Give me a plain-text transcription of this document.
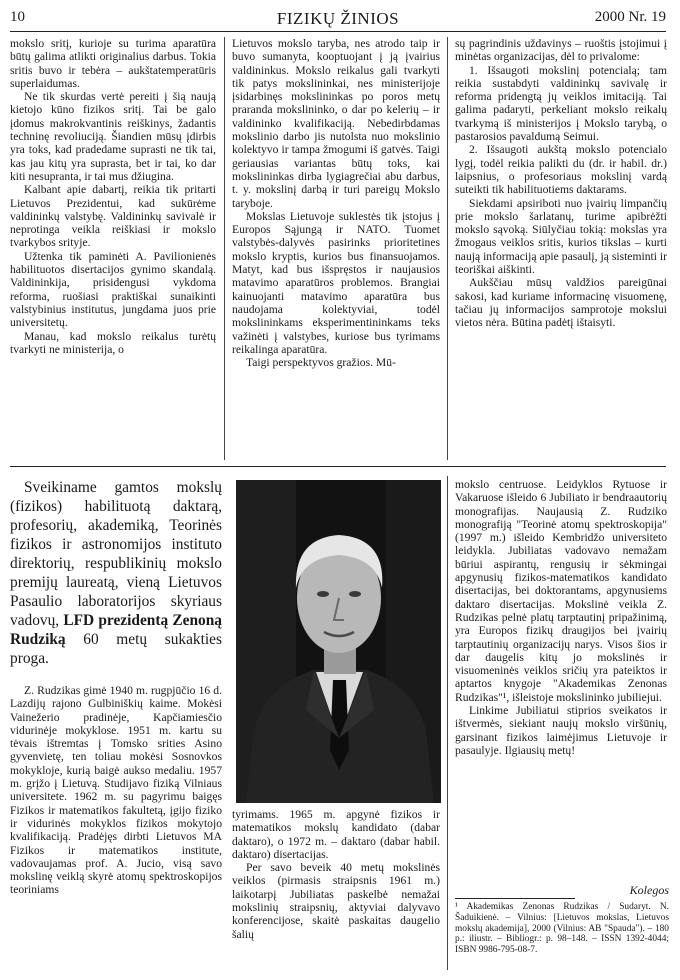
10	FIZIKŲ ŽINIOS	2000 Nr. 19

mokslo sritį, kurioje su turima aparatūra būtų galima atlikti originalius darbus. Tokia sritis buvo ir tebėra – aukštatemperatūris superlaidumas.

Ne tik skurdas vertė pereiti į šią naują kietojo kūno fizikos sritį. Tai be galo įdomus makrokvantinis reiškinys, žadantis techninę revoliuciją. Šiandien mūsų įdirbis yra toks, kad pradedame suprasti ne tik tai, kas jau kitų yra suprasta, bet ir tai, ko dar kiti nesupranta, ir tai mus džiugina.

Kalbant apie dabartį, reikia tik pritarti Lietuvos Prezidentui, kad sukūrėme valdininkų valstybę. Valdininkų savivalė ir neprotinga veikla reiškiasi ir mokslo tvarkybos srityje.

Užtenka tik paminėti A. Pavilionienės habilituotos disertacijos gynimo skandalą. Valdininkija, prisidengusi vykdoma reforma, ruošiasi praktiškai sunaikinti valstybinius institutus, jungdama juos prie universitetų.

Manau, kad mokslo reikalus turėtų tvarkyti ne ministerija, o

Lietuvos mokslo taryba, nes atrodo taip ir buvo sumanyta, kooptuojant į ją įvairius valdininkus. Mokslo reikalus gali tvarkyti tik patys mokslininkai, nes ministerijoje įsidarbinęs mokslininkas po poros metų praranda mokslininko, o dar po kelerių – ir valdininko kvalifikaciją. Nebedirbdamas mokslinio darbo jis nutolsta nuo mokslinio kolektyvo ir tampa žmogumi iš gatvės. Taigi geriausias variantas būtų toks, kai mokslininkas dirba lygiagrečiai abu darbus, t. y. mokslinį darbą ir turi pareigų Mokslo taryboje.

Mokslas Lietuvoje suklestės tik įstojus į Europos Sąjungą ir NATO. Tuomet valstybės-dalyvės pasirinks prioritetines mokslo kryptis, kurios bus finansuojamos. Matyt, kad bus išspręstos ir naujausios matavimo aparatūros problemos. Brangiai kainuojanti matavimo aparatūra bus naudojama kolektyviai, todėl mokslininkams eksperimentininkams teks važinėti į valstybes, kuriose bus tyrimams reikalinga aparatūra.

Taigi perspektyvos gražios. Mū-

sų pagrindinis uždavinys – ruoštis įstojimui į minėtas organizacijas, dėl to privalome:

1. Išsaugoti mokslinį potencialą; tam reikia sustabdyti valdininkų savivalę ir reforma pridengtą jų veiklos imitaciją. Tai galima padaryti, perkeliant mokslo reikalų tvarkymą iš ministerijos į Mokslo tarybą, o pastarosios pavaldumą Seimui.

2. Išsaugoti aukštą mokslo potencialo lygį, todėl reikia palikti du (dr. ir habil. dr.) laipsnius, o profesoriaus mokslinį vardą suteikti tik habilituotiems daktarams.

Siekdami apsiriboti nuo įvairių limpančių prie mokslo šarlatanų, turime apibrėžti mokslo sąvoką. Siūlyčiau tokią: mokslas yra žmogaus veiklos sritis, kurios tikslas – kurti naują informaciją apie pasaulį, ją sisteminti ir teoriškai aiškinti.

Aukščiau mūsų valdžios pareigūnai sakosi, kad kuriame informacinę visuomenę, tačiau jų informacijos samprotoje mokslui vietos nėra. Būtina padėtį ištaisyti.

Sveikiname gamtos mokslų (fizikos) habilituotą daktarą, profesorių, akademiką, Teorinės fizikos ir astronomijos instituto direktorių, respublikinių mokslo premijų laureatą, vieną Lietuvos Pasaulio laboratorijos skyriaus vadovų, LFD prezidentą Zenoną Rudziką 60 metų sukakties proga.

Z. Rudzikas gimė 1940 m. rugpjūčio 16 d. Lazdijų rajono Gulbiniškių kaime. Mokėsi Vainežerio pradinėje, Kapčiamiesčio vidurinėje mokyklose. 1951 m. kartu su tėvais ištremtas į Tomsko srities Asino gyvenvietę, ten toliau mokėsi Sosnovkos mokykloje, kurią baigė aukso medaliu. 1957 m. grįžo į Lietuvą. Studijavo fiziką Vilniaus universitete. 1962 m. su pagyrimu baigęs Fizikos ir matematikos fakultetą, įgijo fiziko ir vidurinės mokyklos fizikos mokytojo kvalifikaciją. Pradėjęs dirbti Lietuvos MA Fizikos ir matematikos institute, vadovaujamas prof. A. Jucio, visą savo mokslinę veiklą skyrė atomų spektroskopijos teoriniams

tyrimams. 1965 m. apgynė fizikos ir matematikos mokslų kandidato (dabar daktaro), o 1972 m. – daktaro (dabar habil. daktaro) disertacijas.

Per savo beveik 40 metų mokslinės veiklos (pirmasis straipsnis 1961 m.) laikotarpį Jubiliatas paskelbė nemažai mokslinių straipsnių, aktyviai dalyvavo konferencijose, skaitė paskaitas daugelio šalių

mokslo centruose. Leidyklos Rytuose ir Vakaruose išleido 6 Jubiliato ir bendraautorių monografijas. Naujausią Z. Rudziko monografiją "Teorinė atomų spektroskopija" (1997 m.) išleido Kembridžo universiteto leidykla. Jubiliatas vadovavo nemažam būriui aspirantų, rengusių ir sėkmingai apgynusių fizikos-matematikos kandidato disertacijas, bei doktorantams, apgynusiems daktaro disertacijas. Mokslinė veikla Z. Rudzikas pelnė platų tarptautinį pripažinimą, yra Europos fizikų draugijos bei įvairių tarptautinių organizacijų narys. Visos šios ir dar daugelis kitų jo mokslinės ir visuomeninės veiklos sričių yra pateiktos ir aptartos knygoje "Akademikas Zenonas Rudzikas"¹, išleistoje mokslininko jubiliejui.

Linkime Jubiliatui stiprios sveikatos ir ištvermės, siekiant naujų mokslo viršūnių, garsinant fizikos laimėjimus Lietuvoje ir pasaulyje. Ilgiausių metų!

Kolegos

¹ Akademikas Zenonas Rudzikas / Sudaryt. N. Šaduikienė. – Vilnius: [Lietuvos mokslas, Lietuvos mokslų akademija], 2000 (Vilnius: AB "Spauda"). – 180 p.: iliustr. – Bibliogr.: p. 98–148. – ISSN 1392-4044; ISBN 9986-795-08-7.
